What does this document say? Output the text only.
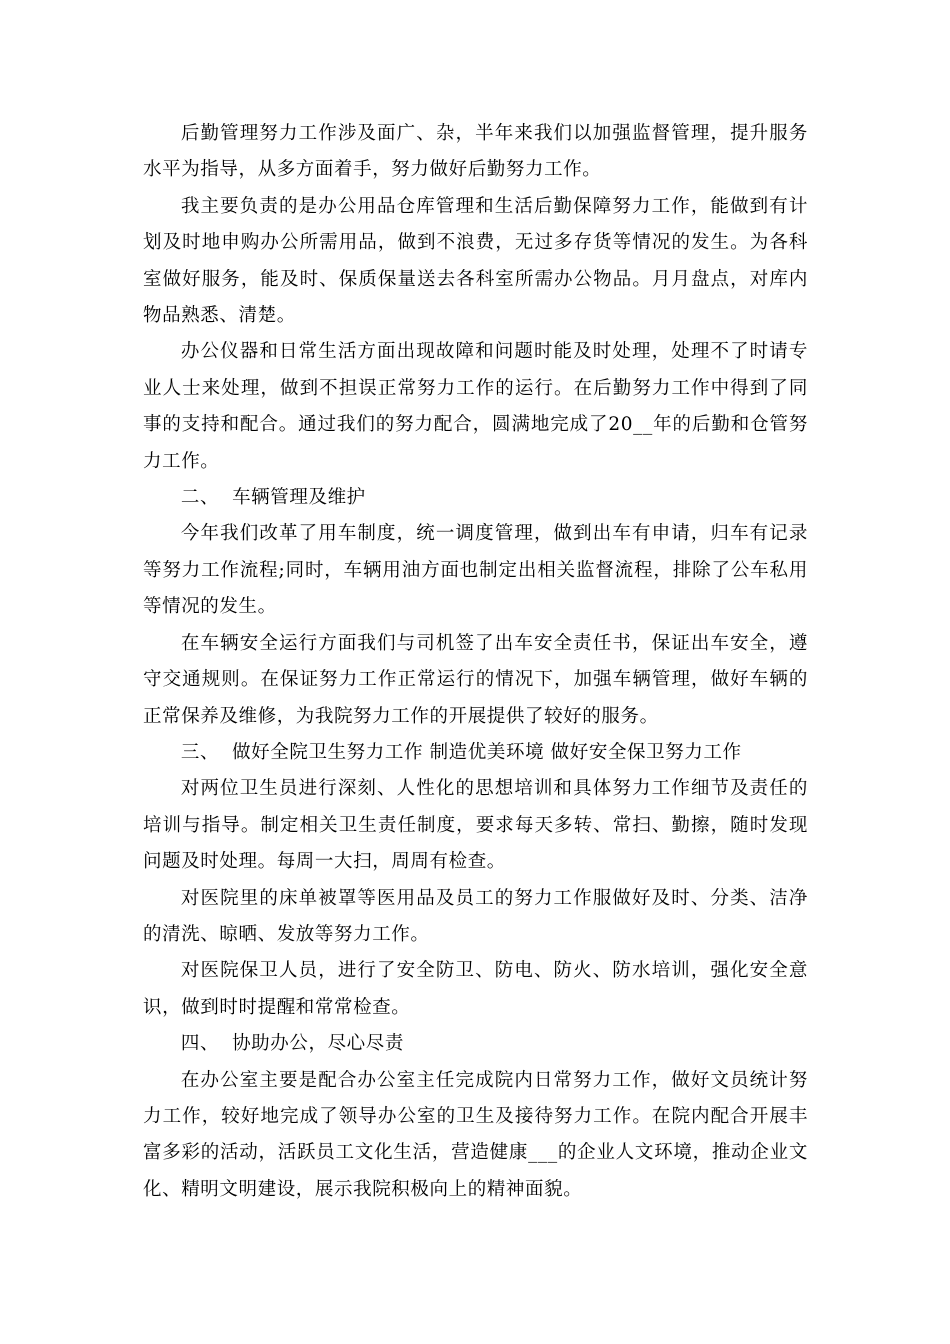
后勤管理努力工作涉及面广、杂，半年来我们以加强监督管理，提升服务水平为指导，从多方面着手，努力做好后勤努力工作。

我主要负责的是办公用品仓库管理和生活后勤保障努力工作，能做到有计划及时地申购办公所需用品，做到不浪费，无过多存货等情况的发生。为各科室做好服务，能及时、保质保量送去各科室所需办公物品。月月盘点，对库内物品熟悉、清楚。

办公仪器和日常生活方面出现故障和问题时能及时处理，处理不了时请专业人士来处理，做到不担误正常努力工作的运行。在后勤努力工作中得到了同事的支持和配合。通过我们的努力配合，圆满地完成了20__年的后勤和仓管努力工作。

二、  车辆管理及维护

今年我们改革了用车制度，统一调度管理，做到出车有申请，归车有记录等努力工作流程;同时，车辆用油方面也制定出相关监督流程，排除了公车私用等情况的发生。

在车辆安全运行方面我们与司机签了出车安全责任书，保证出车安全，遵守交通规则。在保证努力工作正常运行的情况下，加强车辆管理，做好车辆的正常保养及维修，为我院努力工作的开展提供了较好的服务。

三、  做好全院卫生努力工作 制造优美环境 做好安全保卫努力工作

对两位卫生员进行深刻、人性化的思想培训和具体努力工作细节及责任的培训与指导。制定相关卫生责任制度，要求每天多转、常扫、勤擦，随时发现问题及时处理。每周一大扫，周周有检查。

对医院里的床单被罩等医用品及员工的努力工作服做好及时、分类、洁净的清洗、晾晒、发放等努力工作。

对医院保卫人员，进行了安全防卫、防电、防火、防水培训，强化安全意识，做到时时提醒和常常检查。

四、  协助办公，尽心尽责

在办公室主要是配合办公室主任完成院内日常努力工作，做好文员统计努力工作，较好地完成了领导办公室的卫生及接待努力工作。在院内配合开展丰富多彩的活动，活跃员工文化生活，营造健康___的企业人文环境，推动企业文化、精明文明建设，展示我院积极向上的精神面貌。
